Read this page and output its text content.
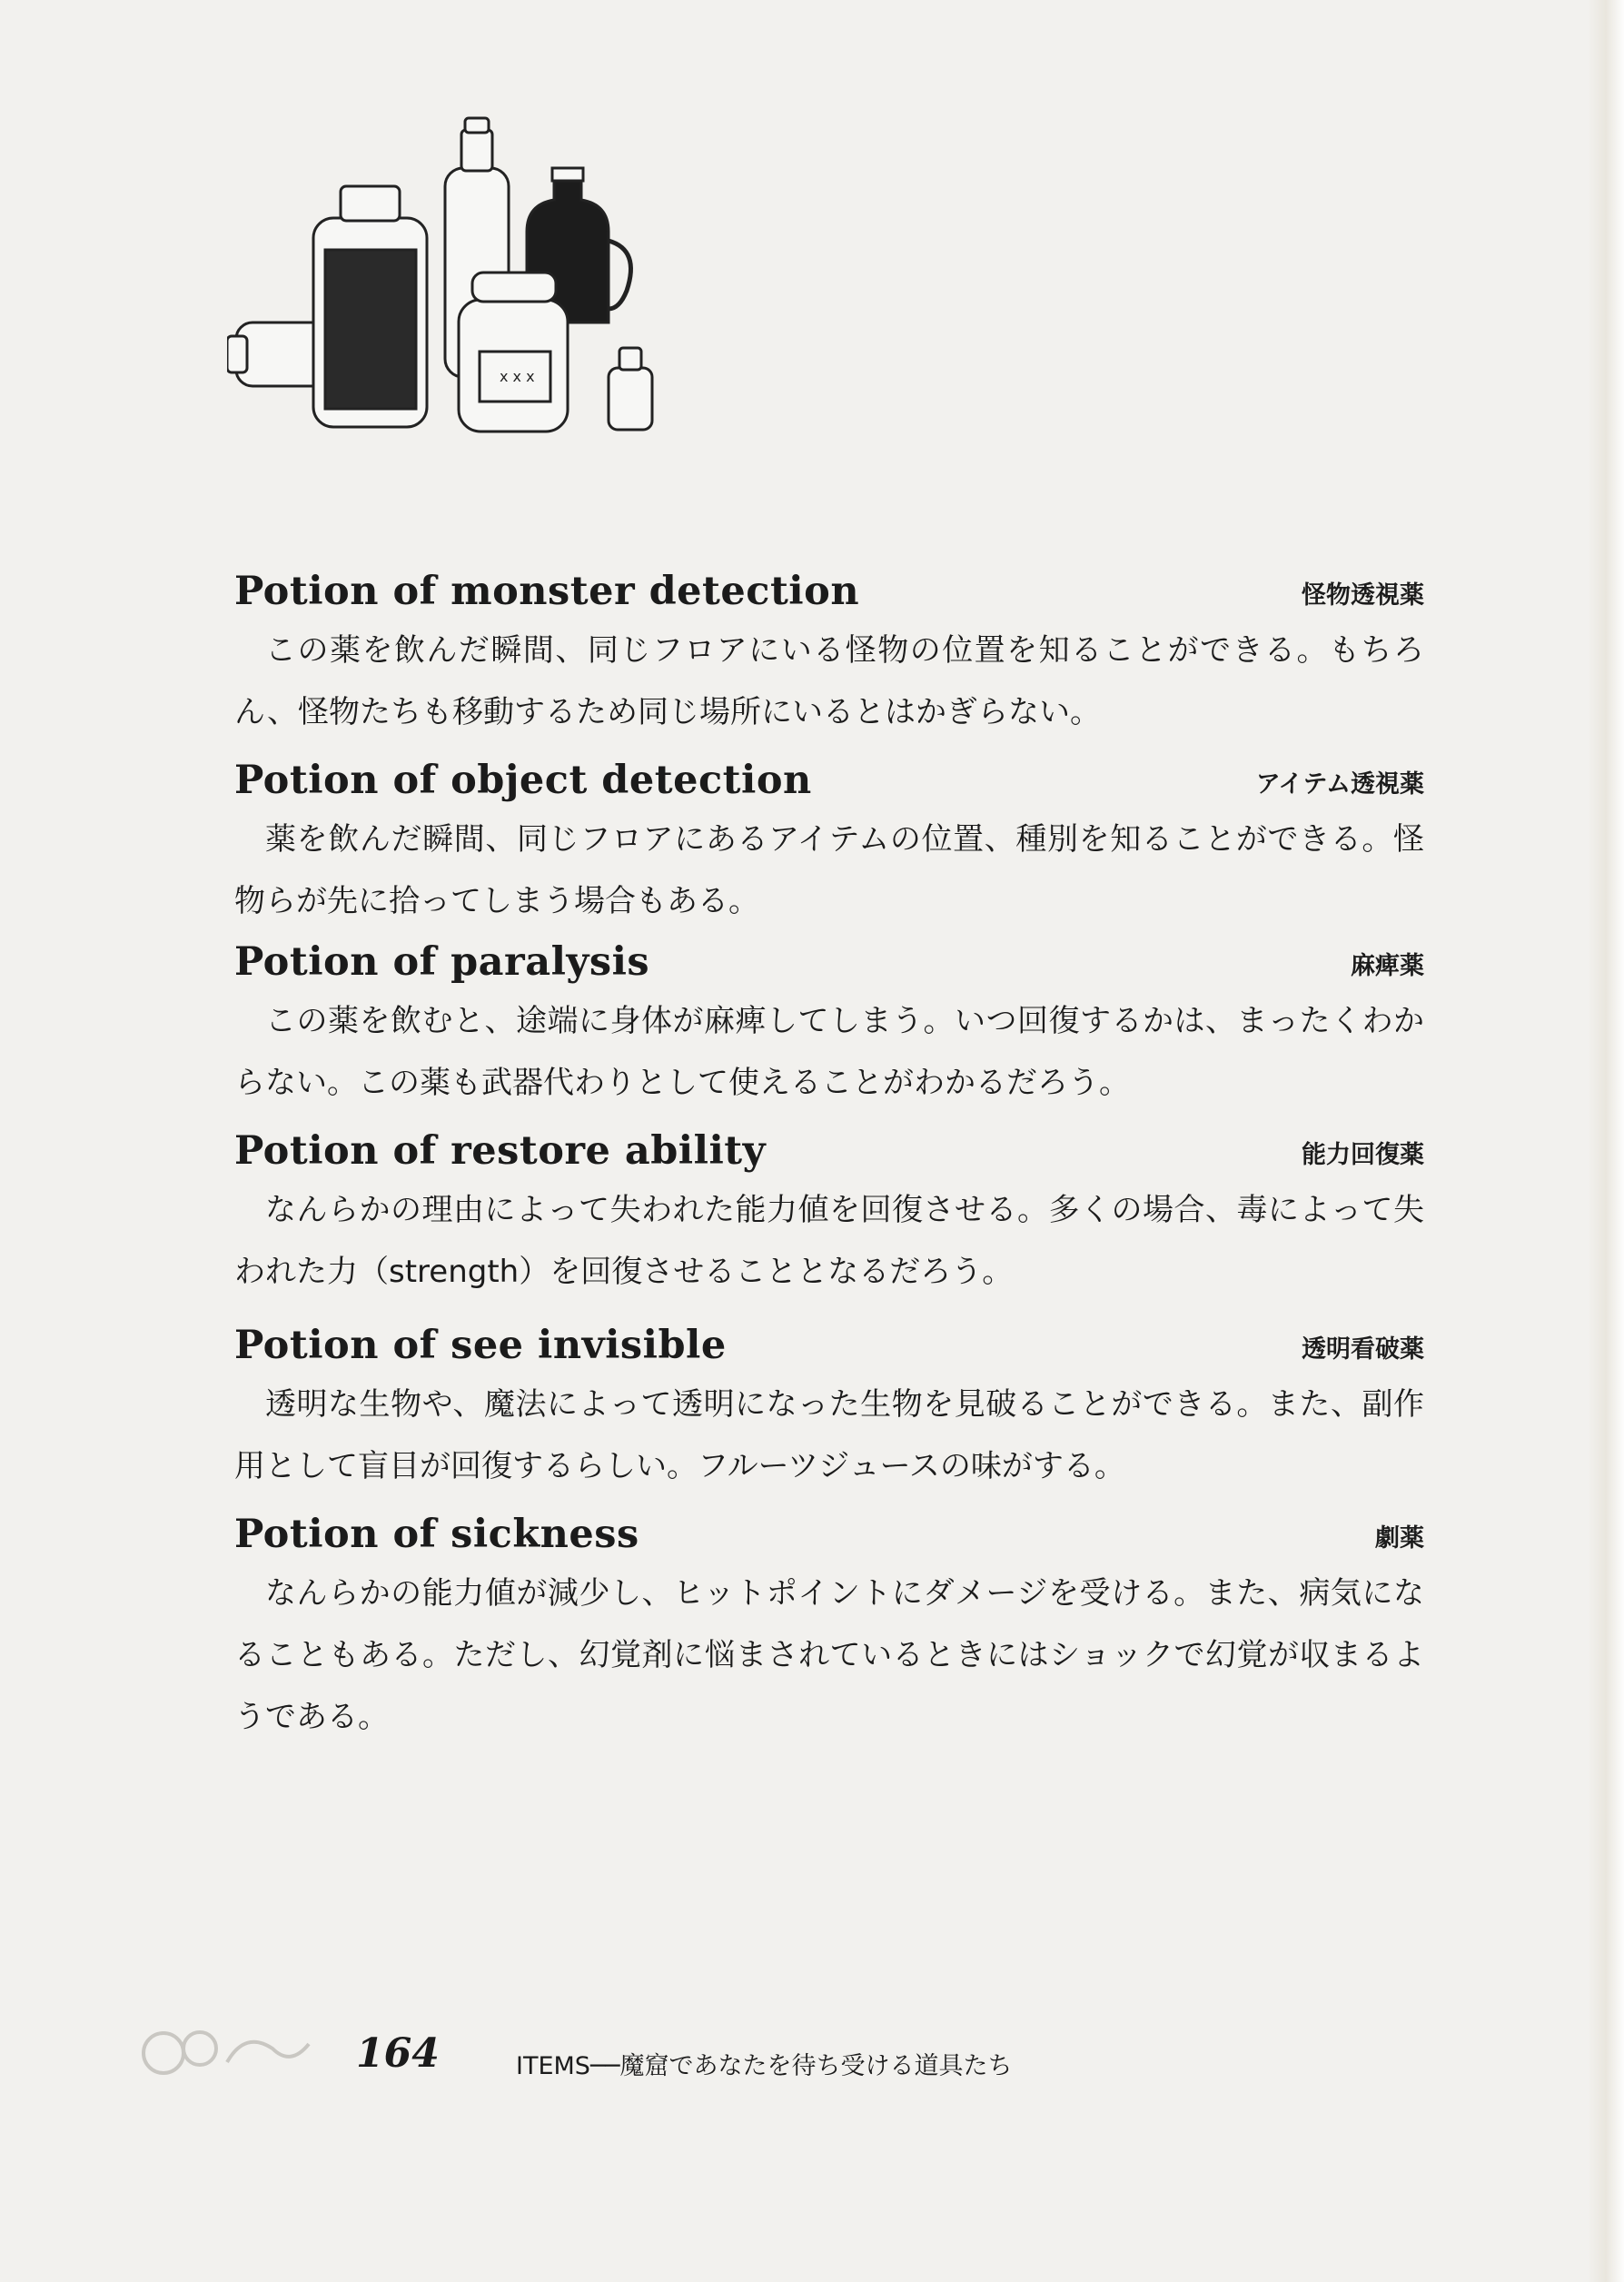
x x x
Potion of monster detection	怪物透視薬

この薬を飲んだ瞬間、同じフロアにいる怪物の位置を知ることができる。もちろん、怪物たちも移動するため同じ場所にいるとはかぎらない。

Potion of object detection	アイテム透視薬

薬を飲んだ瞬間、同じフロアにあるアイテムの位置、種別を知ることができる。怪物らが先に拾ってしまう場合もある。

Potion of paralysis	麻痺薬

この薬を飲むと、途端に身体が麻痺してしまう。いつ回復するかは、まったくわからない。この薬も武器代わりとして使えることがわかるだろう。

Potion of restore ability	能力回復薬

なんらかの理由によって失われた能力値を回復させる。多くの場合、毒によって失われた力（strength）を回復させることとなるだろう。

Potion of see invisible	透明看破薬

透明な生物や、魔法によって透明になった生物を見破ることができる。また、副作用として盲目が回復するらしい。フルーツジュースの味がする。

Potion of sickness	劇薬

なんらかの能力値が減少し、ヒットポイントにダメージを受ける。また、病気になることもある。ただし、幻覚剤に悩まされているときにはショックで幻覚が収まるようである。

164	ITEMS──魔窟であなたを待ち受ける道具たち
